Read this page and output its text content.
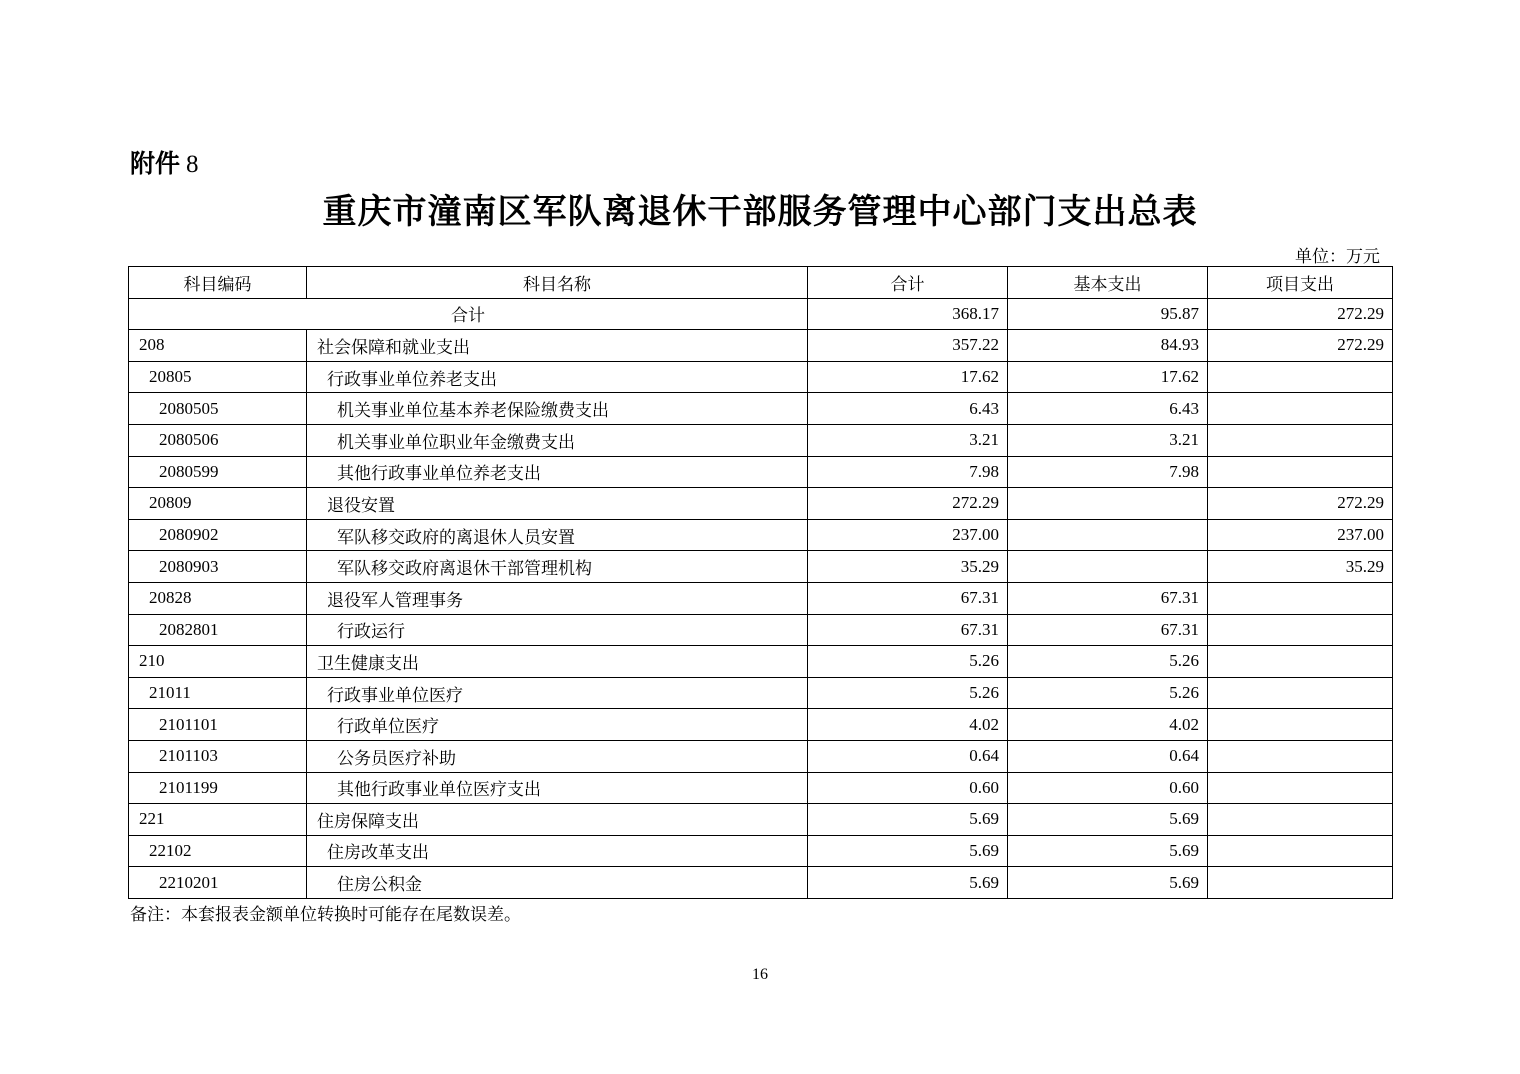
附件 8
重庆市潼南区军队离退休干部服务管理中心部门支出总表
单位：万元
科目编码	科目名称	合计	基本支出	项目支出
合计		368.17	95.87	272.29
208	社会保障和就业支出	357.22	84.93	272.29
20805	行政事业单位养老支出	17.62	17.62	
2080505	机关事业单位基本养老保险缴费支出	6.43	6.43	
2080506	机关事业单位职业年金缴费支出	3.21	3.21	
2080599	其他行政事业单位养老支出	7.98	7.98	
20809	退役安置	272.29		272.29
2080902	军队移交政府的离退休人员安置	237.00		237.00
2080903	军队移交政府离退休干部管理机构	35.29		35.29
20828	退役军人管理事务	67.31	67.31	
2082801	行政运行	67.31	67.31	
210	卫生健康支出	5.26	5.26	
21011	行政事业单位医疗	5.26	5.26	
2101101	行政单位医疗	4.02	4.02	
2101103	公务员医疗补助	0.64	0.64	
2101199	其他行政事业单位医疗支出	0.60	0.60	
221	住房保障支出	5.69	5.69	
22102	住房改革支出	5.69	5.69	
2210201	住房公积金	5.69	5.69	
备注：本套报表金额单位转换时可能存在尾数误差。
16
